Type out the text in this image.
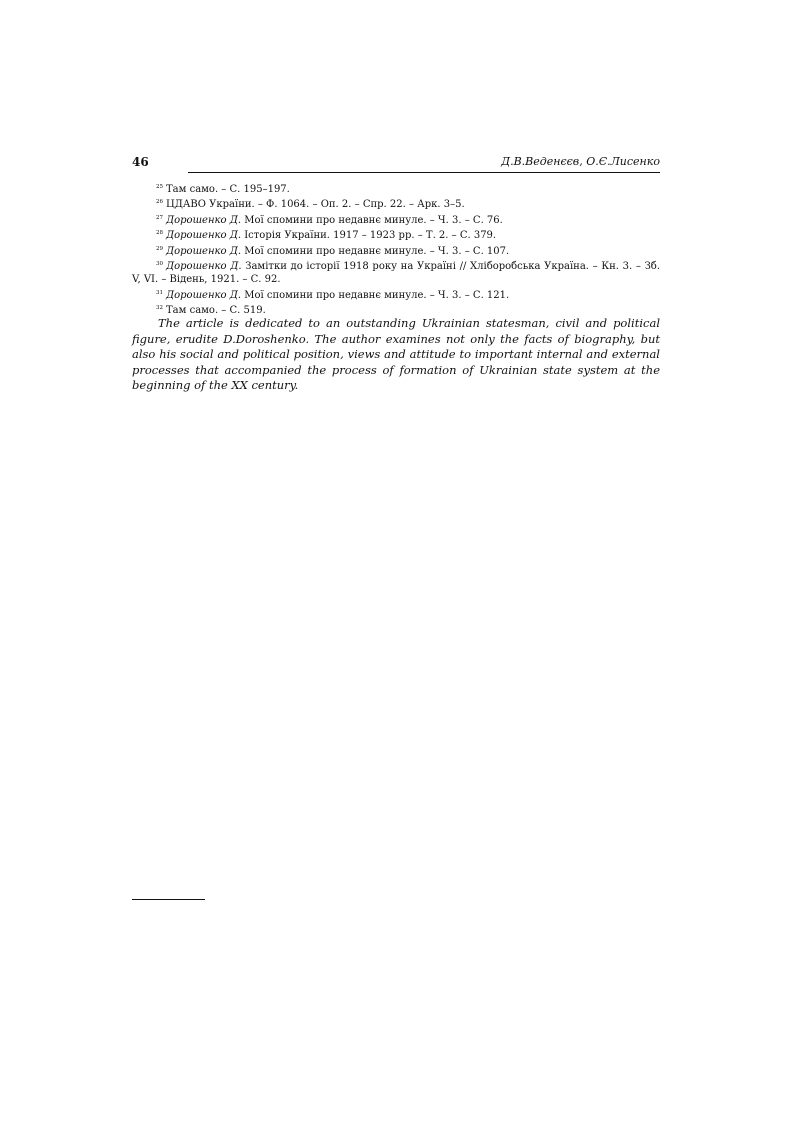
46	Д.В.Веденєєв, О.Є.Лисенко
$^{25}$ Там само. – С. 195–197.
$^{26}$ ЦДАВО України. – Ф. 1064. – Оп. 2. – Спр. 22. – Арк. 3–5.
$^{27}$ Дорошенко Д. Мої спомини про недавнє минуле. – Ч. 3. – С. 76.
$^{28}$ Дорошенко Д. Історія України. 1917 – 1923 рр. – Т. 2. – С. 379.
$^{29}$ Дорошенко Д. Мої спомини про недавнє минуле. – Ч. 3. – С. 107.
$^{30}$ Дорошенко Д. Замітки до історії 1918 року на Україні // Хліборобська Україна. – Кн. 3. – Зб. V, VI. – Відень, 1921. – С. 92.
$^{31}$ Дорошенко Д. Мої спомини про недавнє минуле. – Ч. 3. – С. 121.
$^{32}$ Там само. – С. 519.

The article is dedicated to an outstanding Ukrainian statesman, civil and political figure, erudite D.Doroshenko. The author examines not only the facts of biography, but also his social and political position, views and attitude to important internal and external processes that accompanied the process of formation of Ukrainian state system at the beginning of the XX century.
